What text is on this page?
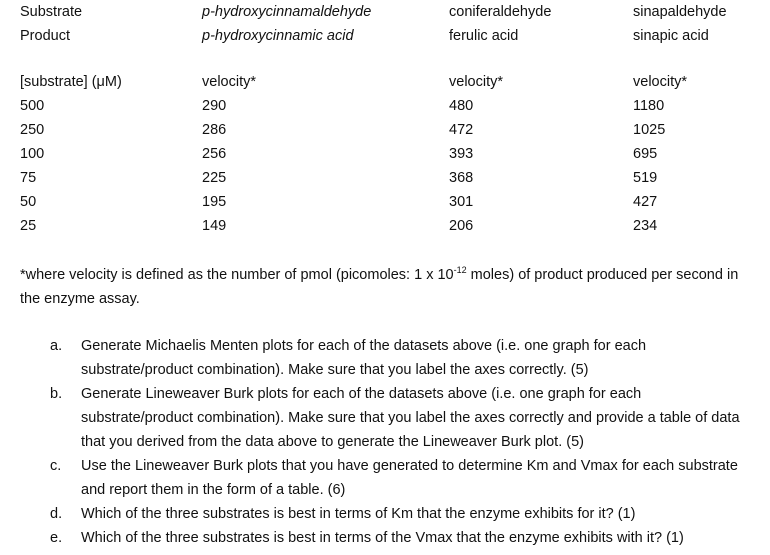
Substrate	p-hydroxycinnamaldehyde	coniferaldehyde	sinapaldehyde
Product	p-hydroxycinnamic acid	ferulic acid	sinapic acid
[substrate] (μM)	velocity*	velocity*	velocity*
500	290	480	1180
250	286	472	1025
100	256	393	695
75	225	368	519
50	195	301	427
25	149	206	234
*where velocity is defined as the number of pmol (picomoles: 1 x $10^{-12}$ moles) of product produced per second in the enzyme assay.
a. Generate Michaelis Menten plots for each of the datasets above (i.e. one graph for each substrate/product combination). Make sure that you label the axes correctly. (5)
b. Generate Lineweaver Burk plots for each of the datasets above (i.e. one graph for each substrate/product combination). Make sure that you label the axes correctly and provide a table of data that you derived from the data above to generate the Lineweaver Burk plot. (5)
c. Use the Lineweaver Burk plots that you have generated to determine Km and Vmax for each substrate and report them in the form of a table. (6)
d. Which of the three substrates is best in terms of Km that the enzyme exhibits for it? (1)
e. Which of the three substrates is best in terms of the Vmax that the enzyme exhibits with it? (1)
